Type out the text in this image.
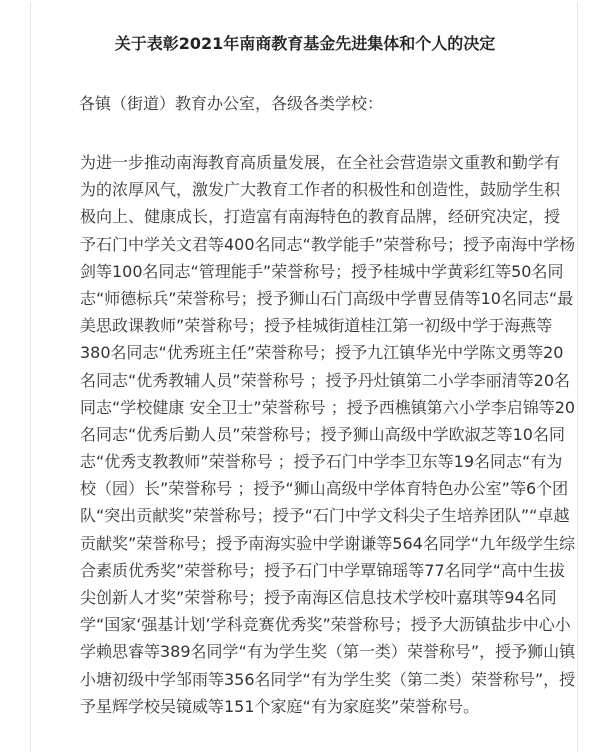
关于表彰2021年南商教育基金先进集体和个人的决定
各镇（街道）教育办公室，各级各类学校：
为进一步推动南海教育高质量发展，在全社会营造崇文重教和勤学有
为的浓厚风气，激发广大教育工作者的积极性和创造性，鼓励学生积
极向上、健康成长，打造富有南海特色的教育品牌，经研究决定，授
予石门中学关文君等400名同志“教学能手”荣誉称号；授予南海中学杨
剑等100名同志“管理能手”荣誉称号；授予桂城中学黄彩红等50名同
志“师德标兵”荣誉称号；授予狮山石门高级中学曹昱倩等10名同志“最
美思政课教师”荣誉称号；授予桂城街道桂江第一初级中学于海燕等
380名同志“优秀班主任”荣誉称号；授予九江镇华光中学陈文勇等20
名同志“优秀教辅人员”荣誉称号 ；授予丹灶镇第二小学李丽清等20名
同志“学校健康 安全卫士”荣誉称号 ；授予西樵镇第六小学李启锦等20
名同志“优秀后勤人员”荣誉称号；授予狮山高级中学欧淑芝等10名同
志“优秀支教教师”荣誉称号 ；授予石门中学李卫东等19名同志“有为
校（园）长”荣誉称号 ；授予“狮山高级中学体育特色办公室”等6个团
队“突出贡献奖”荣誉称号；授予“石门中学文科尖子生培养团队”“卓越
贡献奖”荣誉称号；授予南海实验中学谢谦等564名同学“九年级学生综
合素质优秀奖”荣誉称号；授予石门中学覃锦瑶等77名同学“高中生拔
尖创新人才奖”荣誉称号；授予南海区信息技术学校叶嘉琪等94名同
学“国家‘强基计划’学科竞赛优秀奖”荣誉称号；授予大沥镇盐步中心小
学赖思睿等389名同学“有为学生奖（第一类）荣誉称号”，授予狮山镇
小塘初级中学邹雨等356名同学“有为学生奖（第二类）荣誉称号”，授
予星辉学校吴镜威等151个家庭“有为家庭奖”荣誉称号。
